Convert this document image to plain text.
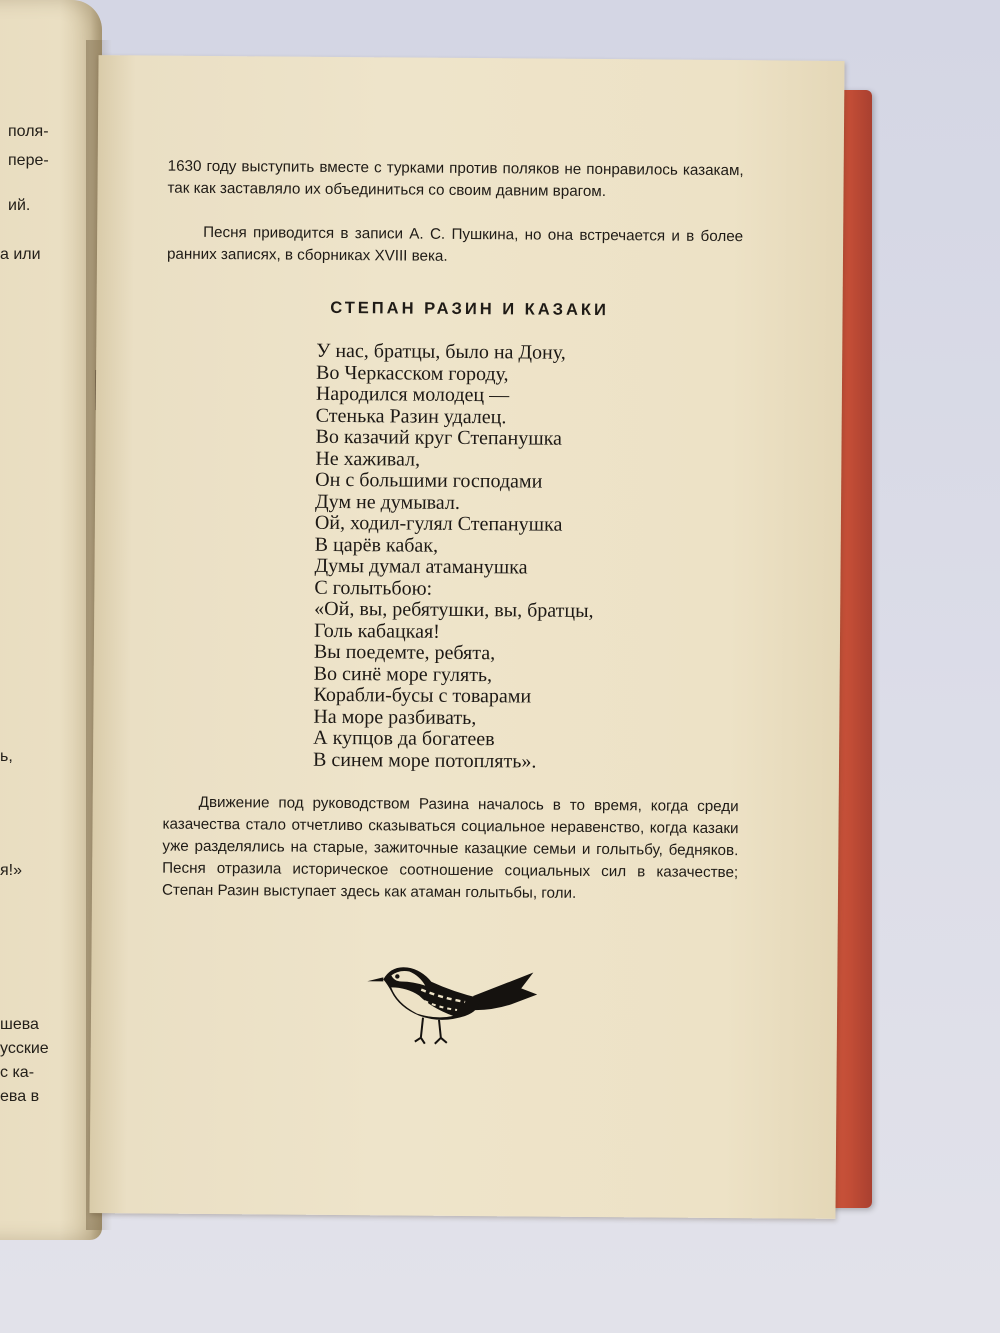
поля-
пере-
ий.
а или
ь,
я!»
шева
усские
с ка-
ева в

1630 году выступить вместе с турками против поляков не понравилось казакам, так как заставляло их объединиться со своим давним врагом.

Песня приводится в записи А. С. Пушкина, но она встречается и в более ранних записях, в сборниках XVIII века.

СТЕПАН РАЗИН И КАЗАКИ
У нас, братцы, было на Дону,
Во Черкасском городу,
Народился молодец —
Стенька Разин удалец.
Во казачий круг Степанушка
Не хаживал,
Он с большими господами
Дум не думывал.
Ой, ходил-гулял Степанушка
В царёв кабак,
Думы думал атаманушка
С голытьбою:
«Ой, вы, ребятушки, вы, братцы,
Голь кабацкая!
Вы поедемте, ребята,
Во синё море гулять,
Корабли-бусы с товарами
На море разбивать,
А купцов да богатеев
В синем море потоплять».

Движение под руководством Разина началось в то время, когда среди казачества стало отчетливо сказываться социальное неравенство, когда казаки уже разделялись на старые, зажиточные казацкие семьи и голытьбу, бедняков. Песня отразила историческое соотношение социальных сил в казачестве; Степан Разин выступает здесь как атаман голытьбы, голи.
